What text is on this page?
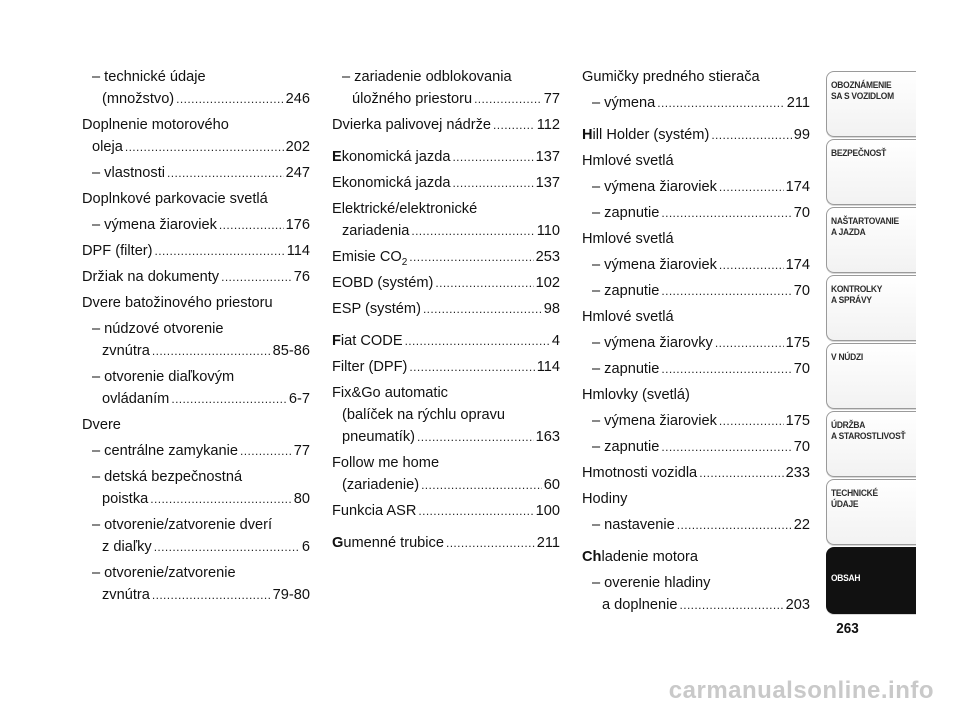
– technické údaje
(množstvo) .....	246
Doplnenie motorového
oleja .....	202
– vlastnosti .....	247
Doplnkové parkovacie svetlá
– výmena žiaroviek .....	176
DPF (filter) .....	114
Držiak na dokumenty .....	76
Dvere batožinového priestoru
– núdzové otvorenie
zvnútra .....	85-86
– otvorenie diaľkovým
ovládaním .....	6-7
Dvere
– centrálne zamykanie .....	77
– detská bezpečnostná
poistka .....	80
– otvorenie/zatvorenie dverí
z diaľky .....	6
– otvorenie/zatvorenie
zvnútra .....	79-80
– zariadenie odblokovania
úložného priestoru .....	77
Dvierka palivovej nádrže .....	112
Ekonomická jazda .....	137
Ekonomická jazda .....	137
Elektrické/elektronické
zariadenia .....	110
Emisie $CO_2$ .....	253
EOBD (systém) .....	102
ESP (systém) .....	98
Fiat CODE .....	4
Filter (DPF) .....	114
Fix&Go automatic
(balíček na rýchlu opravu
pneumatík) .....	163
Follow me home
(zariadenie) .....	60
Funkcia ASR .....	100
Gumenné trubice .....	211
Gumičky predného stierača
– výmena .....	211
Hill Holder (systém) .....	99
Hmlové svetlá
– výmena žiaroviek .....	174
– zapnutie .....	70
Hmlové svetlá
– výmena žiaroviek .....	174
– zapnutie .....	70
Hmlové svetlá
– výmena žiarovky .....	175
– zapnutie .....	70
Hmlovky (svetlá)
– výmena žiaroviek .....	175
– zapnutie .....	70
Hmotnosti vozidla .....	233
Hodiny
– nastavenie .....	22
Chladenie motora
– overenie hladiny
a doplnenie .....	203
OBOZNÁMENIE
SA S VOZIDLOM
BEZPEČNOSŤ
NAŠTARTOVANIE
A JAZDA
KONTROLKY
A SPRÁVY
V NÚDZI
ÚDRŽBA
A STAROSTLIVOSŤ
TECHNICKÉ
ÚDAJE
OBSAH
263
carmanualsonline.info
